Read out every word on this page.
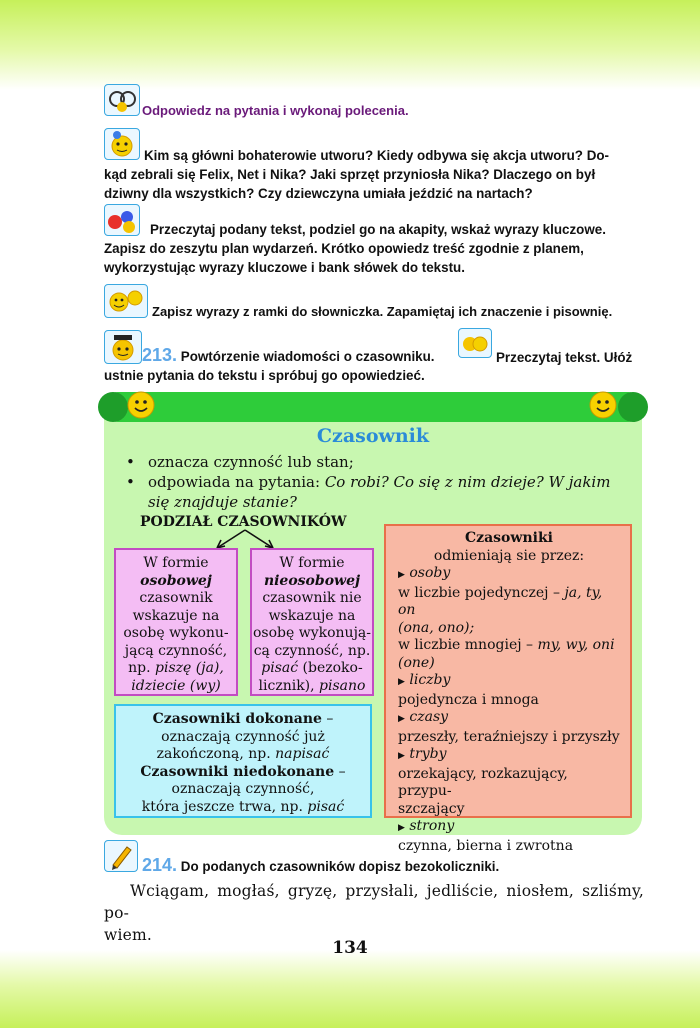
Odpowiedz na pytania i wykonaj polecenia.
Kim są główni bohaterowie utworu? Kiedy odbywa się akcja utworu? Do-
kąd zebrali się Felix, Net i Nika? Jaki sprzęt przyniosła Nika? Dlaczego on był
dziwny dla wszystkich? Czy dziewczyna umiała jeździć na nartach?
Przeczytaj podany tekst, podziel go na akapity, wskaż wyrazy kluczowe.
Zapisz do zeszytu plan wydarzeń. Krótko opowiedz treść zgodnie z planem,
wykorzystując wyrazy kluczowe i bank słówek do tekstu.
Zapisz wyrazy z ramki do słowniczka. Zapamiętaj ich znaczenie i pisownię.
213. Powtórzenie wiadomości o czasowniku.	Przeczytaj tekst. Ułóż
ustnie pytania do tekstu i spróbuj go opowiedzieć.
Czasownik
• oznacza czynność lub stan;
• odpowiada na pytania: Co robi? Co się z nim dzieje? W jakim
się znajduje stanie?
PODZIAŁ CZASOWNIKÓW
W formie
osobowej
czasownik
wskazuje na
osobę wykonu-
jącą czynność,
np. piszę (ja),
idziecie (wy)
W formie
nieosobowej
czasownik nie
wskazuje na
osobę wykonują-
cą czynność, np.
pisać (bezoko-
licznik), pisano
Czasowniki dokonane –
oznaczają czynność już
zakończoną, np. napisać
Czasowniki niedokonane –
oznaczają czynność,
która jeszcze trwa, np. pisać
Czasowniki
odmieniają sie przez:
▶ osoby
w liczbie pojedynczej – ja, ty, on
(ona, ono);
w liczbie mnogiej – my, wy, oni
(one)
▶ liczby
pojedyncza i mnoga
▶ czasy
przeszły, teraźniejszy i przyszły
▶ tryby
orzekający, rozkazujący, przypu-
szczający
▶ strony
czynna, bierna i zwrotna
214. Do podanych czasowników dopisz bezokoliczniki.
Wciągam, mogłaś, gryzę, przysłali, jedliście, niosłem, szliśmy, po-
wiem.
134
